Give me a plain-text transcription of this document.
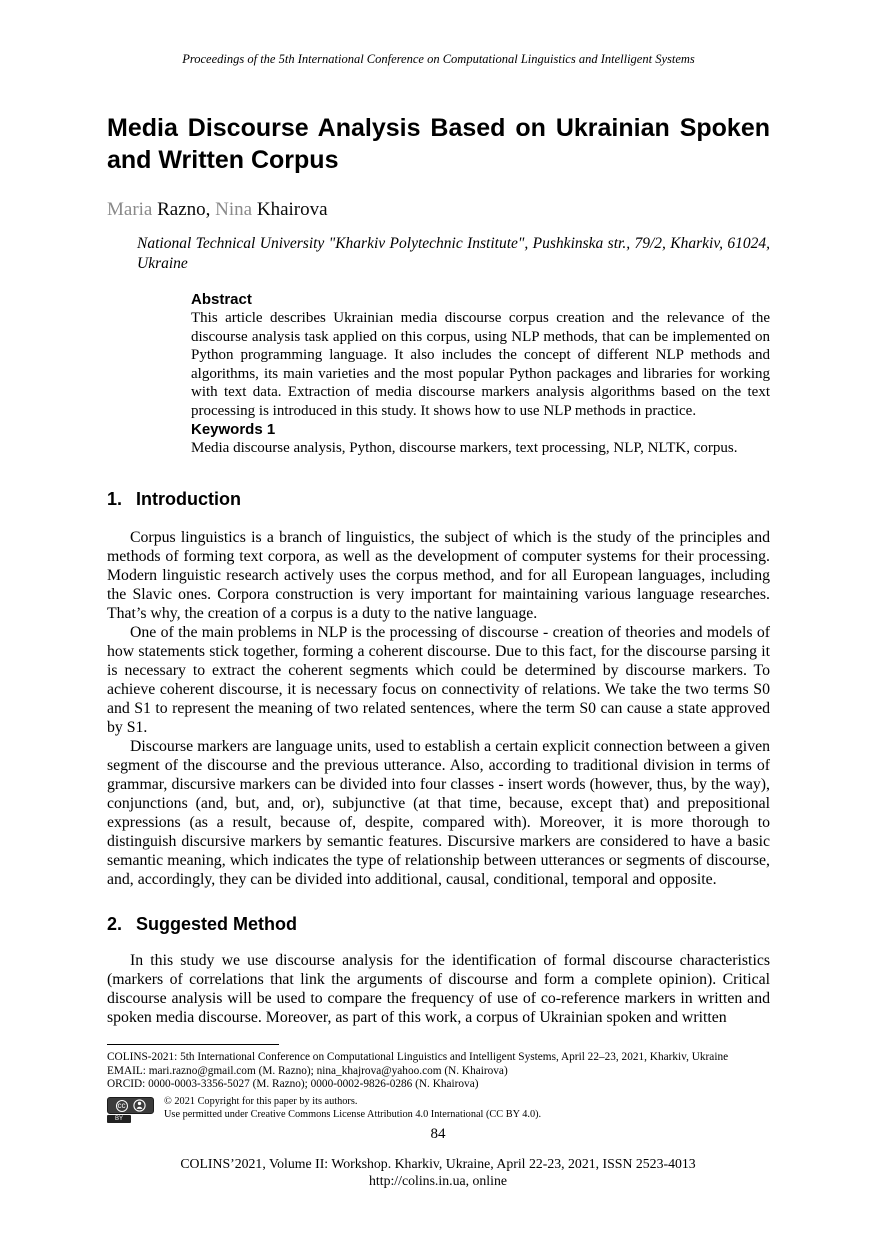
Proceedings of the 5th International Conference on Computational Linguistics and Intelligent Systems
Media Discourse Analysis Based on Ukrainian Spoken and Written Corpus

Maria Razno, Nina Khairova

National Technical University "Kharkiv Polytechnic Institute", Pushkinska str., 79/2, Kharkiv, 61024, Ukraine

Abstract
This article describes Ukrainian media discourse corpus creation and the relevance of the discourse analysis task applied on this corpus, using NLP methods, that can be implemented on Python programming language. It also includes the concept of different NLP methods and algorithms, its main varieties and the most popular Python packages and libraries for working with text data. Extraction of media discourse markers analysis algorithms based on the text processing is introduced in this study. It shows how to use NLP methods in practice.
Keywords 1
Media discourse analysis, Python, discourse markers, text processing, NLP, NLTK, corpus.
1. Introduction

Corpus linguistics is a branch of linguistics, the subject of which is the study of the principles and methods of forming text corpora, as well as the development of computer systems for their processing. Modern linguistic research actively uses the corpus method, and for all European languages, including the Slavic ones. Corpora construction is very important for maintaining various language researches. That’s why, the creation of a corpus is a duty to the native language.

One of the main problems in NLP is the processing of discourse - creation of theories and models of how statements stick together, forming a coherent discourse. Due to this fact, for the discourse parsing it is necessary to extract the coherent segments which could be determined by discourse markers. To achieve coherent discourse, it is necessary focus on connectivity of relations. We take the two terms S0 and S1 to represent the meaning of two related sentences, where the term S0 can cause a state approved by S1.

Discourse markers are language units, used to establish a certain explicit connection between a given segment of the discourse and the previous utterance. Also, according to traditional division in terms of grammar, discursive markers can be divided into four classes - insert words (however, thus, by the way), conjunctions (and, but, and, or), subjunctive (at that time, because, except that) and prepositional expressions (as a result, because of, despite, compared with). Moreover, it is more thorough to distinguish discursive markers by semantic features. Discursive markers are considered to have a basic semantic meaning, which indicates the type of relationship between utterances or segments of discourse, and, accordingly, they can be divided into additional, causal, conditional, temporal and opposite.

2. Suggested Method

In this study we use discourse analysis for the identification of formal discourse characteristics (markers of correlations that link the arguments of discourse and form a complete opinion). Critical discourse analysis will be used to compare the frequency of use of co-reference markers in written and spoken media discourse. Moreover, as part of this work, a corpus of Ukrainian spoken and written

COLINS-2021: 5th International Conference on Computational Linguistics and Intelligent Systems, April 22–23, 2021, Kharkiv, Ukraine
EMAIL: mari.razno@gmail.com (M. Razno); nina_khajrova@yahoo.com (N. Khairova)
ORCID: 0000-0003-3356-5027 (M. Razno); 0000-0002-9826-0286 (N. Khairova)
cc
BY
© 2021 Copyright for this paper by its authors.
Use permitted under Creative Commons License Attribution 4.0 International (CC BY 4.0).
84
COLINS’2021, Volume II: Workshop. Kharkiv, Ukraine, April 22-23, 2021, ISSN 2523-4013
http://colins.in.ua, online
